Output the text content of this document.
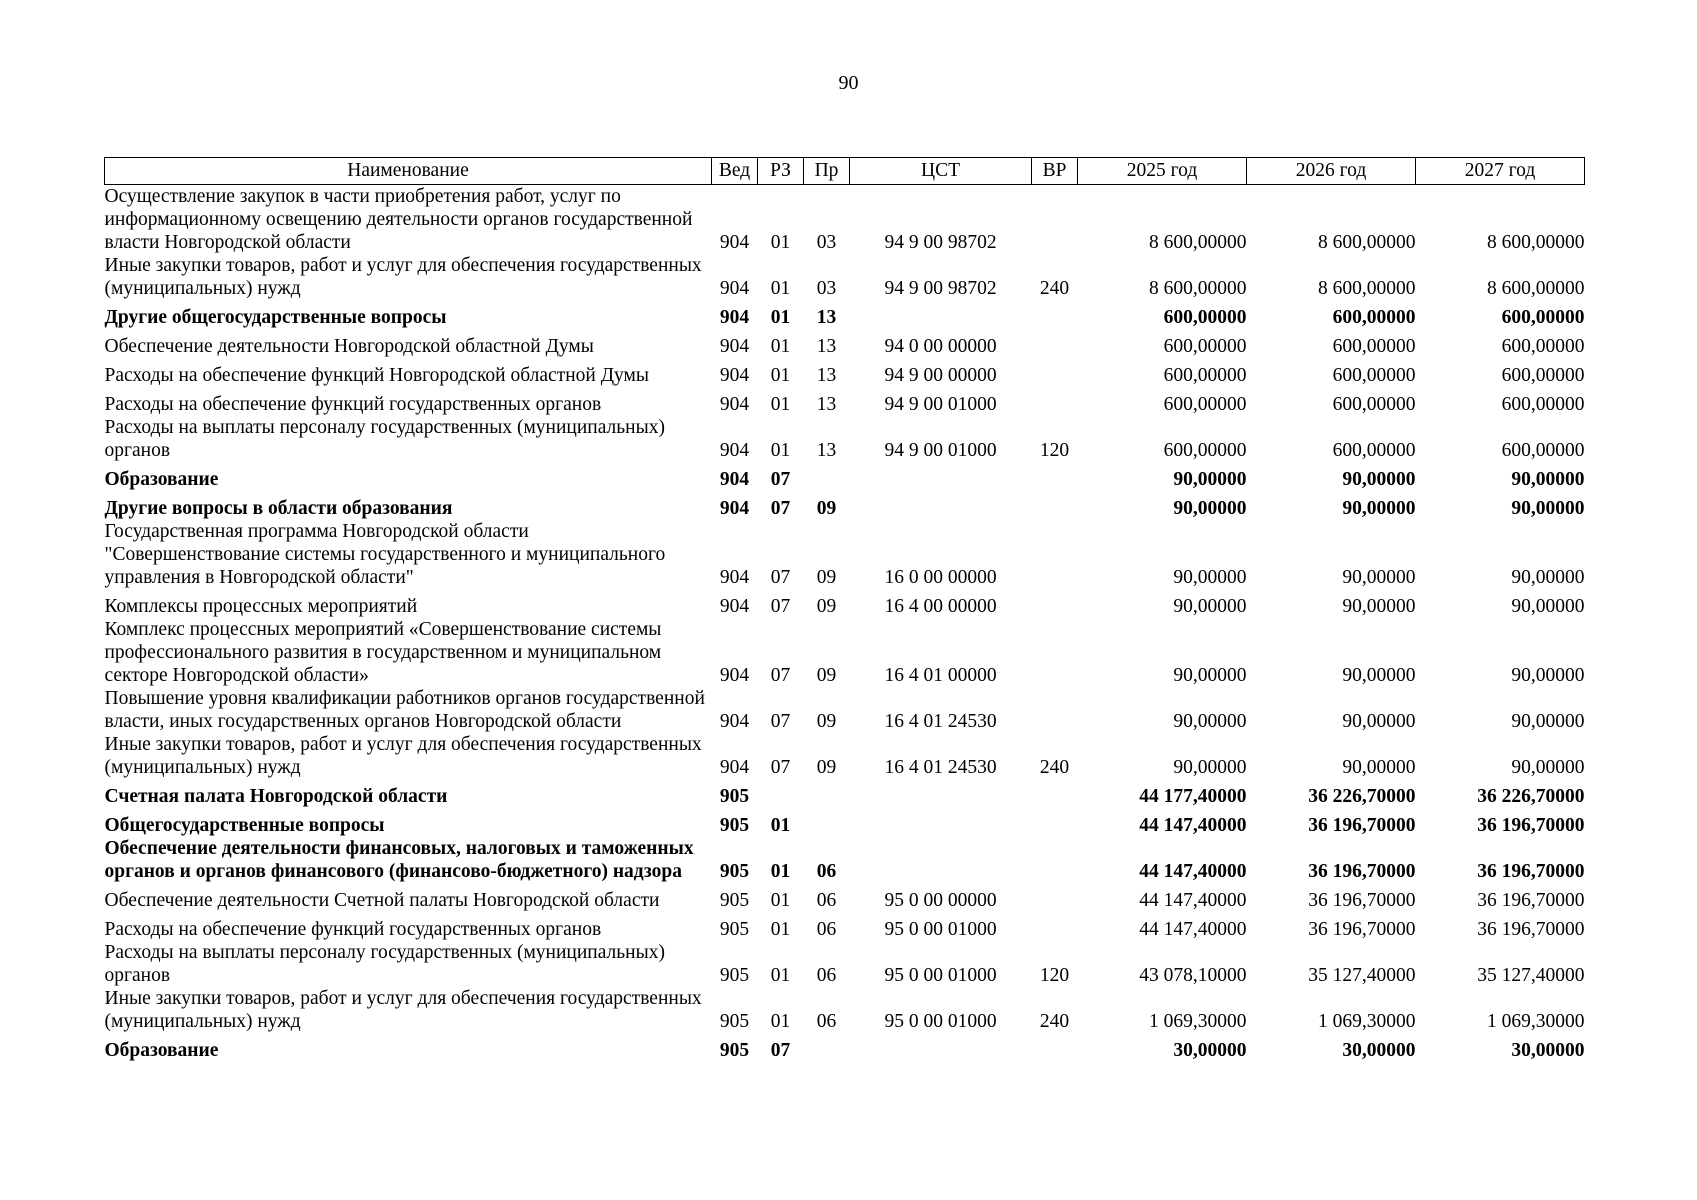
90
Наименование	Вед	РЗ	Пр	ЦСТ	ВР	2025 год	2026 год	2027 год
Осуществление закупок в части приобретения работ, услуг по информационному освещению деятельности органов государственной власти Новгородской области	904	01	03	94 9 00 98702		8 600,00000	8 600,00000	8 600,00000
Иные закупки товаров, работ и услуг для обеспечения государственных (муниципальных) нужд	904	01	03	94 9 00 98702	240	8 600,00000	8 600,00000	8 600,00000
Другие общегосударственные вопросы	904	01	13			600,00000	600,00000	600,00000
Обеспечение деятельности Новгородской областной Думы	904	01	13	94 0 00 00000		600,00000	600,00000	600,00000
Расходы на обеспечение функций Новгородской областной Думы	904	01	13	94 9 00 00000		600,00000	600,00000	600,00000
Расходы на обеспечение функций государственных органов	904	01	13	94 9 00 01000		600,00000	600,00000	600,00000
Расходы на выплаты персоналу государственных (муниципальных) органов	904	01	13	94 9 00 01000	120	600,00000	600,00000	600,00000
Образование	904	07				90,00000	90,00000	90,00000
Другие вопросы в области образования	904	07	09			90,00000	90,00000	90,00000
Государственная программа Новгородской области "Совершенствование системы государственного и муниципального управления в Новгородской области"	904	07	09	16 0 00 00000		90,00000	90,00000	90,00000
Комплексы процессных мероприятий	904	07	09	16 4 00 00000		90,00000	90,00000	90,00000
Комплекс процессных мероприятий «Совершенствование системы профессионального развития в государственном и муниципальном секторе Новгородской области»	904	07	09	16 4 01 00000		90,00000	90,00000	90,00000
Повышение уровня квалификации работников органов государственной власти, иных государственных органов Новгородской области	904	07	09	16 4 01 24530		90,00000	90,00000	90,00000
Иные закупки товаров, работ и услуг для обеспечения государственных (муниципальных) нужд	904	07	09	16 4 01 24530	240	90,00000	90,00000	90,00000
Счетная палата Новгородской области	905					44 177,40000	36 226,70000	36 226,70000
Общегосударственные вопросы	905	01				44 147,40000	36 196,70000	36 196,70000
Обеспечение деятельности финансовых, налоговых и таможенных органов и органов финансового (финансово-бюджетного) надзора	905	01	06			44 147,40000	36 196,70000	36 196,70000
Обеспечение деятельности Счетной палаты Новгородской области	905	01	06	95 0 00 00000		44 147,40000	36 196,70000	36 196,70000
Расходы на обеспечение функций государственных органов	905	01	06	95 0 00 01000		44 147,40000	36 196,70000	36 196,70000
Расходы на выплаты персоналу государственных (муниципальных) органов	905	01	06	95 0 00 01000	120	43 078,10000	35 127,40000	35 127,40000
Иные закупки товаров, работ и услуг для обеспечения государственных (муниципальных) нужд	905	01	06	95 0 00 01000	240	1 069,30000	1 069,30000	1 069,30000
Образование	905	07				30,00000	30,00000	30,00000
